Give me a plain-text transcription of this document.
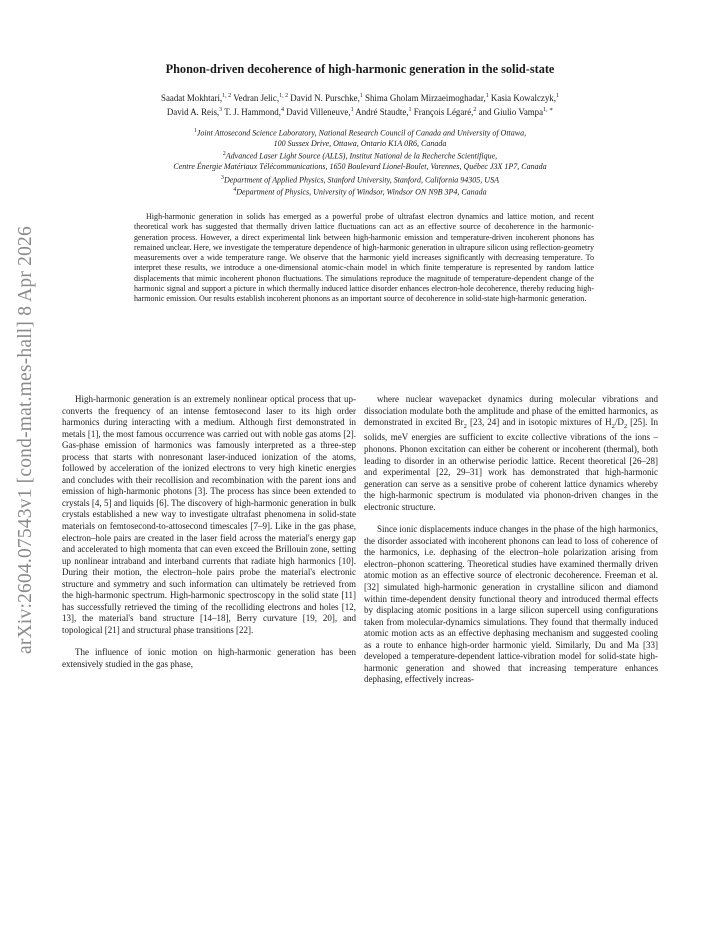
arXiv:2604.07543v1 [cond-mat.mes-hall] 8 Apr 2026
Phonon-driven decoherence of high-harmonic generation in the solid-state
Saadat Mokhtari,$^{1, 2}$ Vedran Jelic,$^{1, 2}$ David N. Purschke,$^1$ Shima Gholam Mirzaeimoghadar,$^1$ Kasia Kowalczyk,$^1$
David A. Reis,$^3$ T. J. Hammond,$^4$ David Villeneuve,$^1$ André Staudte,$^1$ François Légaré,$^2$ and Giulio Vampa$^{1, ∗}$
$^1$Joint Attosecond Science Laboratory, National Research Council of Canada and University of Ottawa,
100 Sussex Drive, Ottawa, Ontario K1A 0R6, Canada
$^2$Advanced Laser Light Source (ALLS), Institut National de la Recherche Scientifique,
Centre Énergie Matériaux Télécommunications, 1650 Boulevard Lionel-Boulet, Varennes, Québec J3X 1P7, Canada
$^3$Department of Applied Physics, Stanford University, Stanford, California 94305, USA
$^4$Department of Physics, University of Windsor, Windsor ON N9B 3P4, Canada

High-harmonic generation in solids has emerged as a powerful probe of ultrafast electron dynamics and lattice motion, and recent theoretical work has suggested that thermally driven lattice fluctuations can act as an effective source of decoherence in the harmonic-generation process. However, a direct experimental link between high-harmonic emission and temperature-driven incoherent phonons has remained unclear. Here, we investigate the temperature dependence of high-harmonic generation in ultrapure silicon using reflection-geometry measurements over a wide temperature range. We observe that the harmonic yield increases significantly with decreasing temperature. To interpret these results, we introduce a one-dimensional atomic-chain model in which finite temperature is represented by random lattice displacements that mimic incoherent phonon fluctuations. The simulations reproduce the magnitude of temperature-dependent change of the harmonic signal and support a picture in which thermally induced lattice disorder enhances electron-hole decoherence, thereby reducing high-harmonic emission. Our results establish incoherent phonons as an important source of decoherence in solid-state high-harmonic generation.

High-harmonic generation is an extremely nonlinear optical process that up-converts the frequency of an intense femtosecond laser to its high order harmonics during interacting with a medium. Although first demonstrated in metals [1], the most famous occurrence was carried out with noble gas atoms [2]. Gas-phase emission of harmonics was famously interpreted as a three-step process that starts with nonresonant laser-induced ionization of the atoms, followed by acceleration of the ionized electrons to very high kinetic energies and concludes with their recollision and recombination with the parent ions and emission of high-harmonic photons [3]. The process has since been extended to crystals [4, 5] and liquids [6]. The discovery of high-harmonic generation in bulk crystals established a new way to investigate ultrafast phenomena in solid-state materials on femtosecond-to-attosecond timescales [7–9]. Like in the gas phase, electron–hole pairs are created in the laser field across the material's energy gap and accelerated to high momenta that can even exceed the Brillouin zone, setting up nonlinear intraband and interband currents that radiate high harmonics [10]. During their motion, the electron–hole pairs probe the material's electronic structure and symmetry and such information can ultimately be retrieved from the high-harmonic spectrum. High-harmonic spectroscopy in the solid state [11] has successfully retrieved the timing of the recolliding electrons and holes [12, 13], the material's band structure [14–18], Berry curvature [19, 20], and topological [21] and structural phase transitions [22].

The influence of ionic motion on high-harmonic generation has been extensively studied in the gas phase,

where nuclear wavepacket dynamics during molecular vibrations and dissociation modulate both the amplitude and phase of the emitted harmonics, as demonstrated in excited $Br_2$ [23, 24] and in isotopic mixtures of $H_2/D_2$ [25]. In solids, meV energies are sufficient to excite collective vibrations of the ions – phonons. Phonon excitation can either be coherent or incoherent (thermal), both leading to disorder in an otherwise periodic lattice. Recent theoretical [26–28] and experimental [22, 29–31] work has demonstrated that high-harmonic generation can serve as a sensitive probe of coherent lattice dynamics whereby the high-harmonic spectrum is modulated via phonon-driven changes in the electronic structure.

Since ionic displacements induce changes in the phase of the high harmonics, the disorder associated with incoherent phonons can lead to loss of coherence of the harmonics, i.e. dephasing of the electron–hole polarization arising from electron–phonon scattering. Theoretical studies have examined thermally driven atomic motion as an effective source of electronic decoherence. Freeman et al. [32] simulated high-harmonic generation in crystalline silicon and diamond within time-dependent density functional theory and introduced thermal effects by displacing atomic positions in a large silicon supercell using configurations taken from molecular-dynamics simulations. They found that thermally induced atomic motion acts as an effective dephasing mechanism and suggested cooling as a route to enhance high-order harmonic yield. Similarly, Du and Ma [33] developed a temperature-dependent lattice-vibration model for solid-state high-harmonic generation and showed that increasing temperature enhances dephasing, effectively increas-
